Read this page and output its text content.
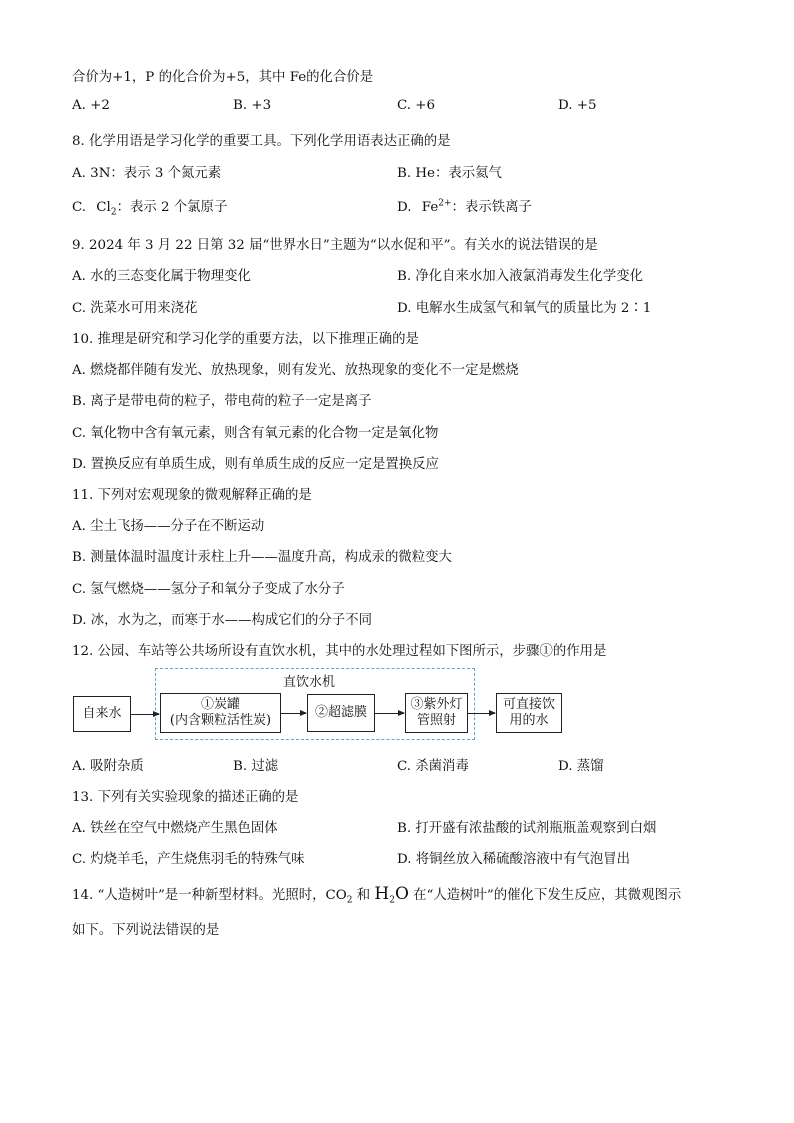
合价为+1，P 的化合价为+5，其中 Fe的化合价是
A. +2	B. +3	C. +6	D. +5
8. 化学用语是学习化学的重要工具。下列化学用语表达正确的是
A. 3N：表示 3 个氮元素	B. He：表示氦气
C. $Cl_2$：表示 2 个氯原子	D. $Fe^{2+}$：表示铁离子
9. 2024 年 3 月 22 日第 32 届“世界水日”主题为“以水促和平”。有关水的说法错误的是
A. 水的三态变化属于物理变化	B. 净化自来水加入液氯消毒发生化学变化
C. 洗菜水可用来浇花	D. 电解水生成氢气和氧气的质量比为 2∶1
10. 推理是研究和学习化学的重要方法，以下推理正确的是
A. 燃烧都伴随有发光、放热现象，则有发光、放热现象的变化不一定是燃烧
B. 离子是带电荷的粒子，带电荷的粒子一定是离子
C. 氧化物中含有氧元素，则含有氧元素的化合物一定是氧化物
D. 置换反应有单质生成，则有单质生成的反应一定是置换反应
11. 下列对宏观现象的微观解释正确的是
A. 尘土飞扬——分子在不断运动
B. 测量体温时温度计汞柱上升——温度升高，构成汞的微粒变大
C. 氢气燃烧——氢分子和氧分子变成了水分子
D. 冰，水为之，而寒于水——构成它们的分子不同
12. 公园、车站等公共场所设有直饮水机，其中的水处理过程如下图所示，步骤①的作用是
直饮水机
自来水
①炭罐
(内含颗粒活性炭)
②超滤膜
③紫外灯
管照射
可直接饮
用的水
A. 吸附杂质	B. 过滤	C. 杀菌消毒	D. 蒸馏
13. 下列有关实验现象的描述正确的是
A. 铁丝在空气中燃烧产生黑色固体	B. 打开盛有浓盐酸的试剂瓶瓶盖观察到白烟
C. 灼烧羊毛，产生烧焦羽毛的特殊气味	D. 将铜丝放入稀硫酸溶液中有气泡冒出
14. “人造树叶”是一种新型材料。光照时，$CO_2$ 和 $H_2O$ 在“人造树叶”的催化下发生反应，其微观图示
如下。下列说法错误的是
